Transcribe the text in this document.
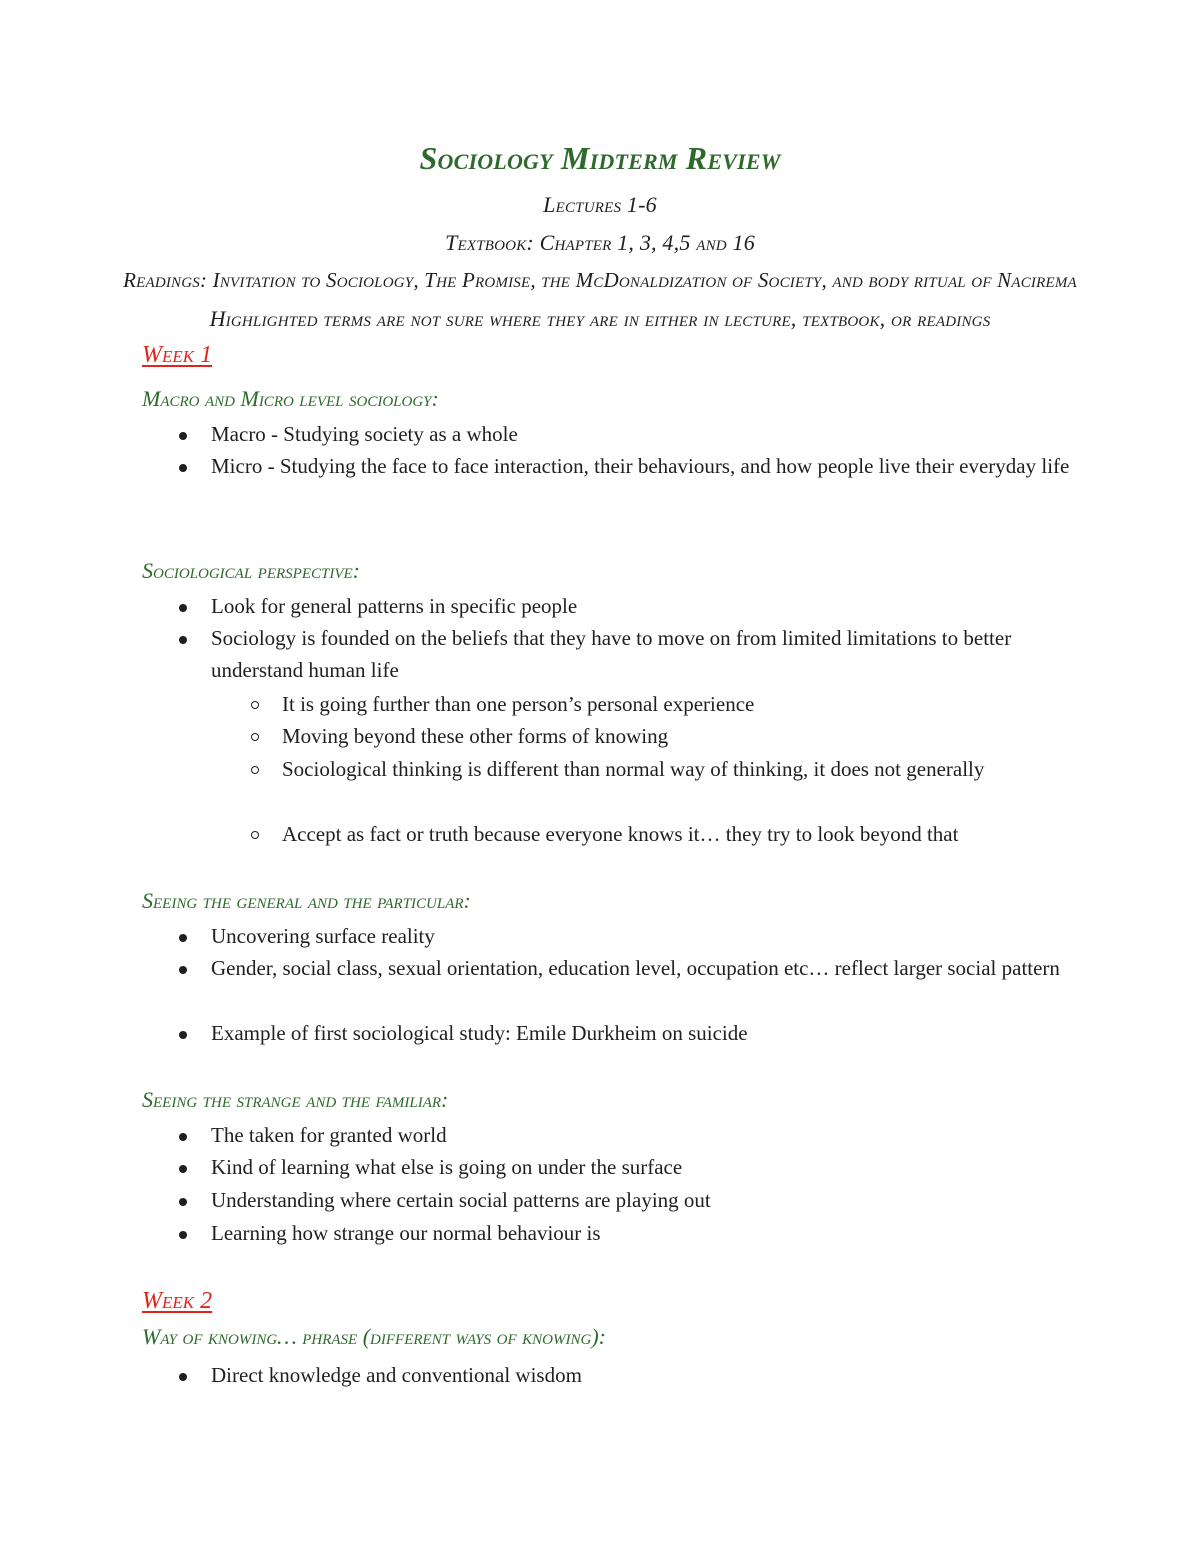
Sociology Midterm Review
Lectures 1-6
Textbook: Chapter 1, 3, 4,5 and 16
Readings: Invitation to Sociology, The Promise, the McDonaldization of Society, and body ritual of Nacirema
Highlighted terms are not sure where they are in either in lecture, textbook, or readings
Week 1
Macro and Micro level sociology:
Macro - Studying society as a whole
Micro - Studying the face to face interaction, their behaviours, and how people live their everyday life
Sociological perspective:
Look for general patterns in specific people
Sociology is founded on the beliefs that they have to move on from limited limitations to better understand human life
It is going further than one person’s personal experience
Moving beyond these other forms of knowing
Sociological thinking is different than normal way of thinking, it does not generally
Accept as fact or truth because everyone knows it… they try to look beyond that
Seeing the general and the particular:
Uncovering surface reality
Gender, social class, sexual orientation, education level, occupation etc… reflect larger social pattern
Example of first sociological study: Emile Durkheim on suicide
Seeing the strange and the familiar:
The taken for granted world
Kind of learning what else is going on under the surface
Understanding where certain social patterns are playing out
Learning how strange our normal behaviour is
Week 2
Way of knowing… phrase (different ways of knowing):
Direct knowledge and conventional wisdom
